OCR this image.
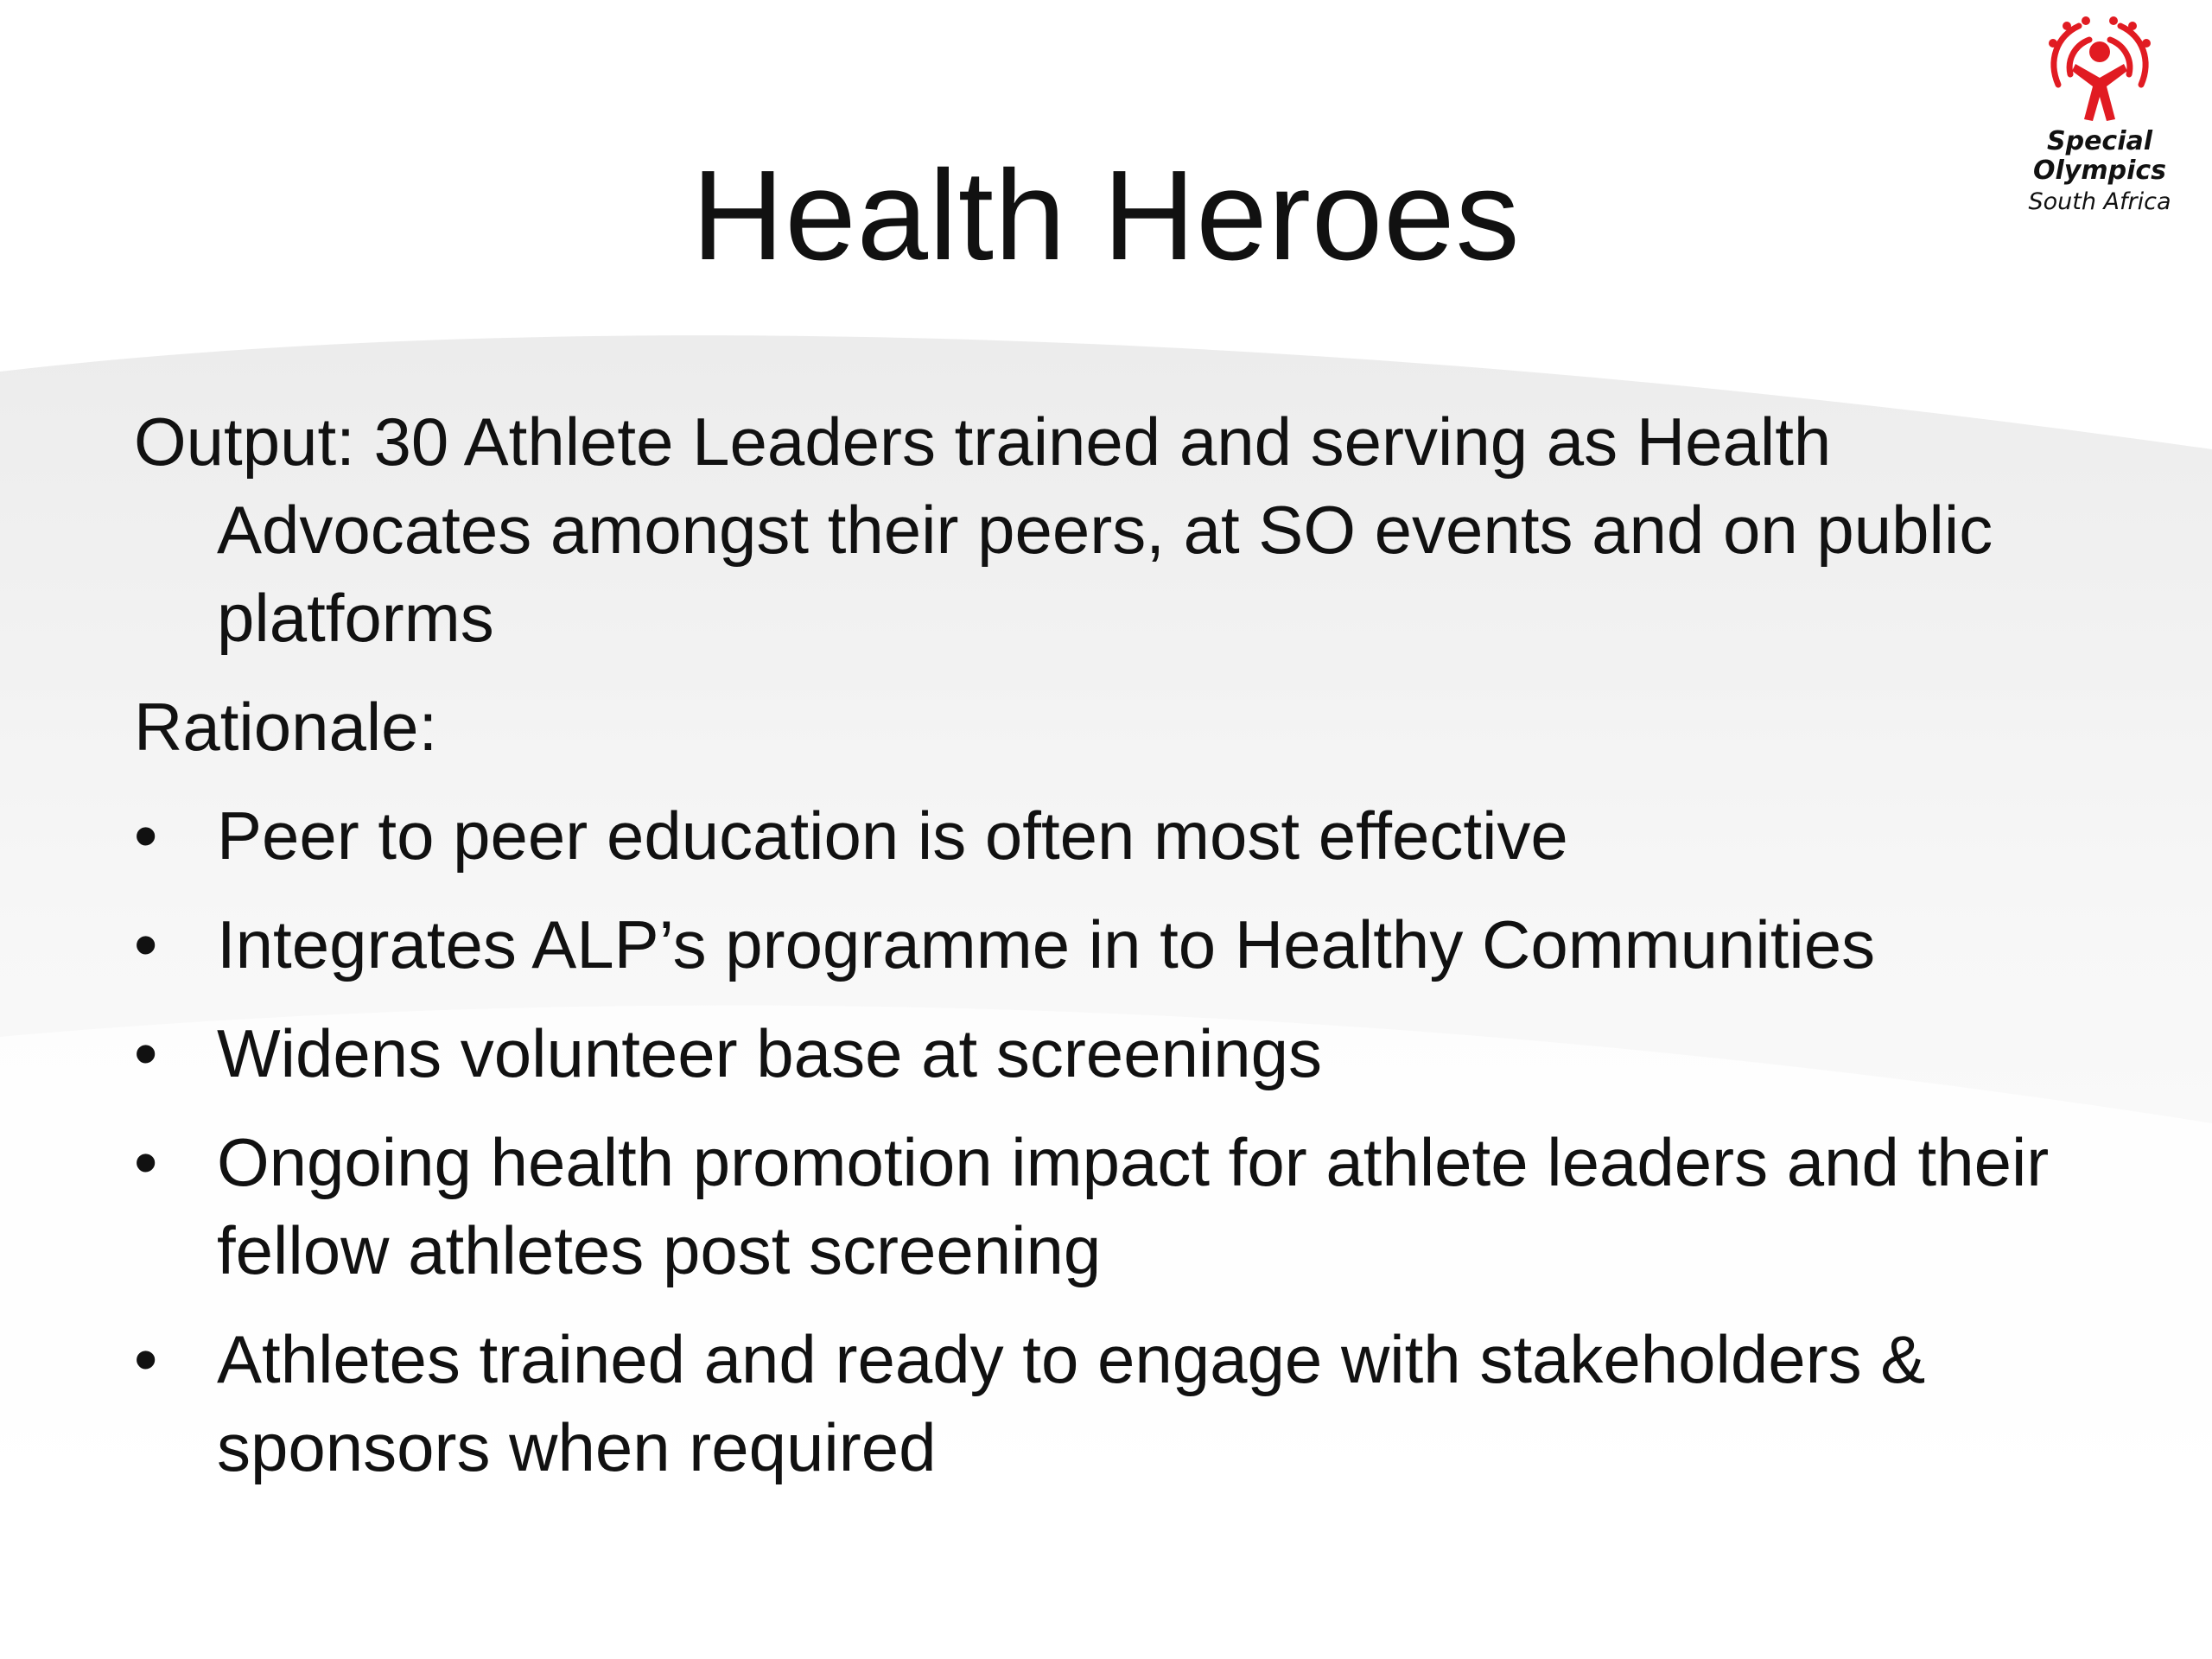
Special
Olympics
South Africa
Health Heroes

Output: 30 Athlete Leaders trained and serving as Health Advocates amongst their peers, at SO events and on public platforms

Rationale:

• Peer to peer education is often most effective
• Integrates ALP’s programme in to Healthy Communities
• Widens volunteer base at screenings
• Ongoing health promotion impact for athlete leaders and their fellow athletes post screening
• Athletes trained and ready to engage with stakeholders & sponsors when required
